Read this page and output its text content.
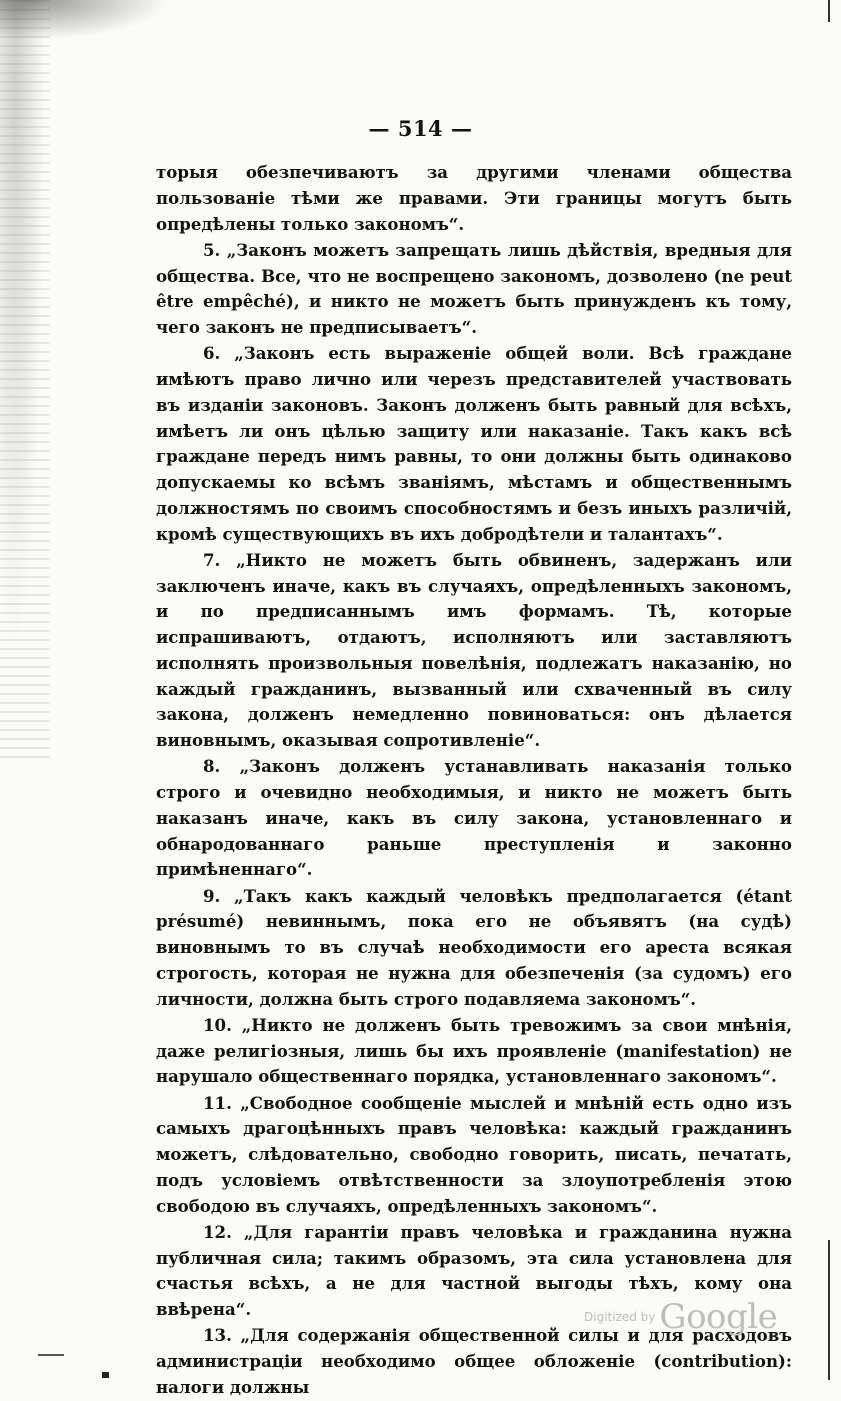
— 514 —

торыя обезпечиваютъ за другими членами общества пользованіе тѣми же правами. Эти границы могутъ быть опредѣлены только закономъ“.

5. „Законъ можетъ запрещать лишь дѣйствія, вредныя для общества. Все, что не воспрещено закономъ, дозволено (ne peut être empêché), и никто не можетъ быть принужденъ къ тому, чего законъ не предписываетъ“.

6. „Законъ есть выраженіе общей воли. Всѣ граждане имѣютъ право лично или черезъ представителей участвовать въ изданіи законовъ. Законъ долженъ быть равный для всѣхъ, имѣетъ ли онъ цѣлью защиту или наказаніе. Такъ какъ всѣ граждане передъ нимъ равны, то они должны быть одинаково допускаемы ко всѣмъ званіямъ, мѣстамъ и общественнымъ должностямъ по своимъ способностямъ и безъ иныхъ различій, кромѣ существующихъ въ ихъ добродѣтели и талантахъ“.

7. „Никто не можетъ быть обвиненъ, задержанъ или заключенъ иначе, какъ въ случаяхъ, опредѣленныхъ закономъ, и по предписаннымъ имъ формамъ. Тѣ, которые испрашиваютъ, отдаютъ, исполняютъ или заставляютъ исполнять произвольныя повелѣнія, подлежатъ наказанію, но каждый гражданинъ, вызванный или схваченный въ силу закона, долженъ немедленно повиноваться: онъ дѣлается виновнымъ, оказывая сопротивленіе“.

8. „Законъ долженъ устанавливать наказанія только строго и очевидно необходимыя, и никто не можетъ быть наказанъ иначе, какъ въ силу закона, установленнаго и обнародованнаго раньше преступленія и законно примѣненнаго“.

9. „Такъ какъ каждый человѣкъ предполагается (étant présumé) невиннымъ, пока его не объявятъ (на судѣ) виновнымъ то въ случаѣ необходимости его ареста всякая строгость, которая не нужна для обезпеченія (за судомъ) его личности, должна быть строго подавляема закономъ“.

10. „Никто не долженъ быть тревожимъ за свои мнѣнія, даже религіозныя, лишь бы ихъ проявленіе (manifestation) не нарушало общественнаго порядка, установленнаго закономъ“.

11. „Свободное сообщеніе мыслей и мнѣній есть одно изъ самыхъ драгоцѣнныхъ правъ человѣка: каждый гражданинъ можетъ, слѣдовательно, свободно говорить, писать, печатать, подъ условіемъ отвѣтственности за злоупотребленія этою свободою въ случаяхъ, опредѣленныхъ закономъ“.

12. „Для гарантіи правъ человѣка и гражданина нужна публичная сила; такимъ образомъ, эта сила установлена для счастья всѣхъ, а не для частной выгоды тѣхъ, кому она ввѣрена“.

13. „Для содержанія общественной силы и для расходовъ администраціи необходимо общее обложеніе (contribution): налоги должны

Digitized by Google
